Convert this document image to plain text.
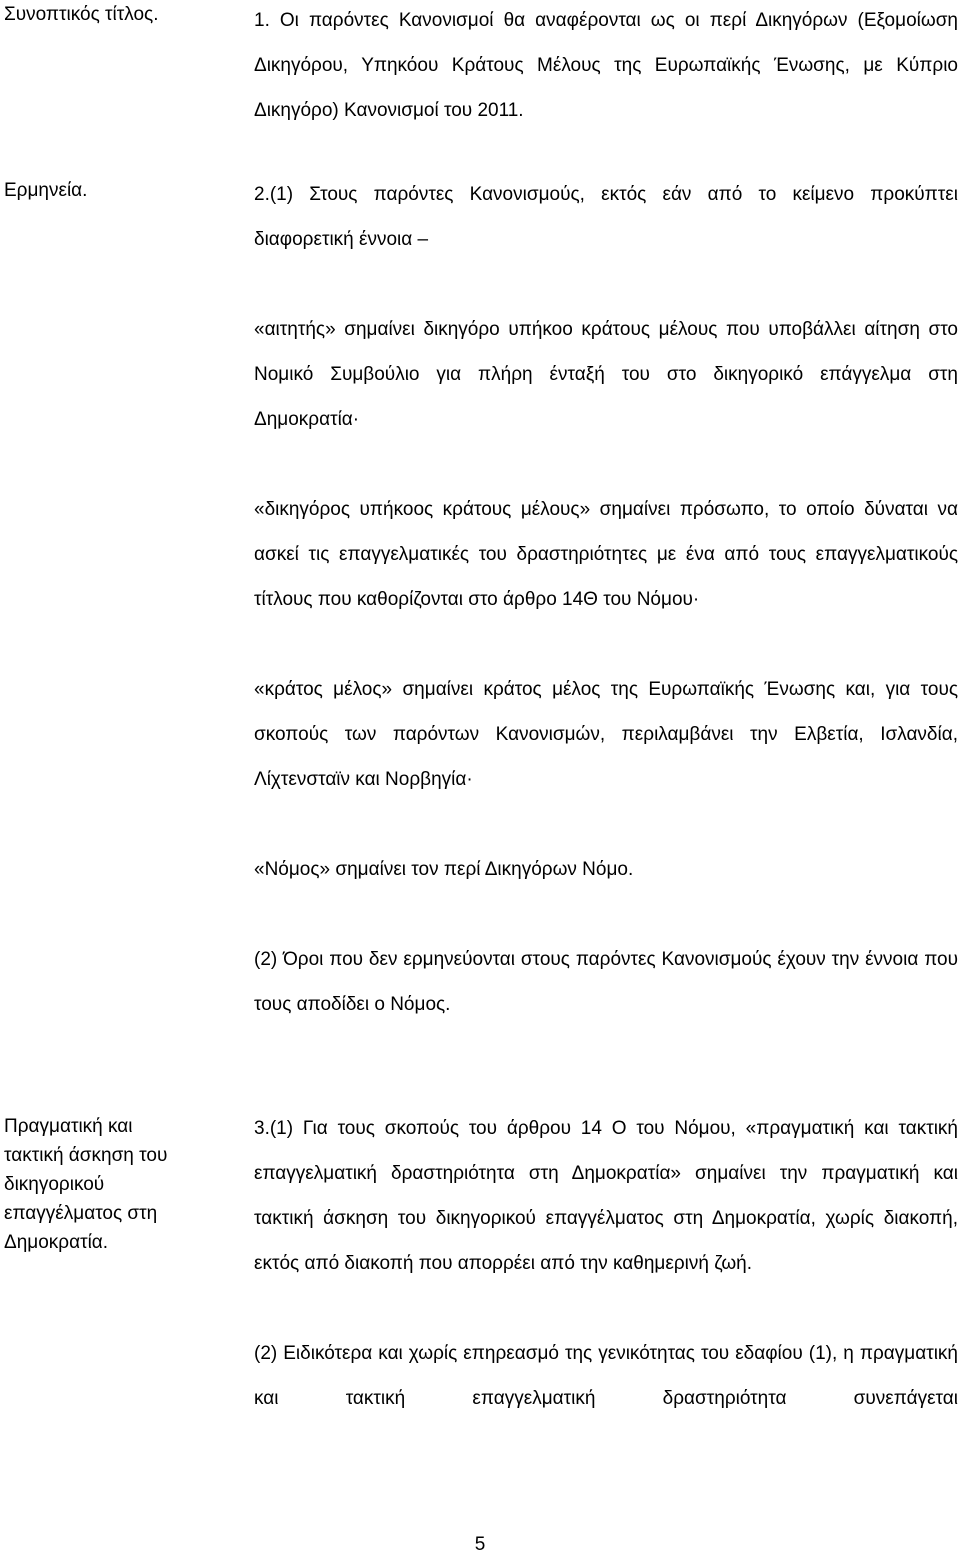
Συνοπτικός τίτλος.	1. Οι παρόντες Κανονισμοί θα αναφέρονται ως οι περί Δικηγόρων (Εξομοίωση Δικηγόρου, Υπηκόου Κράτους Μέλους της Ευρωπαϊκής Ένωσης, με Κύπριο Δικηγόρο) Κανονισμοί του 2011.

Ερμηνεία.	2.(1) Στους παρόντες Κανονισμούς, εκτός εάν από το κείμενο προκύπτει διαφορετική έννοια –

«αιτητής» σημαίνει δικηγόρο υπήκοο κράτους μέλους που υποβάλλει αίτηση στο Νομικό Συμβούλιο για πλήρη ένταξή του στο δικηγορικό επάγγελμα στη Δημοκρατία·

«δικηγόρος υπήκοος κράτους μέλους» σημαίνει πρόσωπο, το οποίο δύναται να ασκεί τις επαγγελματικές του δραστηριότητες με ένα από τους επαγγελματικούς τίτλους που καθορίζονται στο άρθρο 14Θ του Νόμου·

«κράτος μέλος» σημαίνει κράτος μέλος της Ευρωπαϊκής Ένωσης και, για τους σκοπούς των παρόντων Κανονισμών, περιλαμβάνει την Ελβετία, Ισλανδία, Λίχτενσταϊν και Νορβηγία·

«Νόμος» σημαίνει τον περί Δικηγόρων Νόμο.

(2) Όροι που δεν ερμηνεύονται στους παρόντες Κανονισμούς έχουν την έννοια που τους αποδίδει ο Νόμος.

Πραγματική και τακτική άσκηση του δικηγορικού επαγγέλματος στη Δημοκρατία.

3.(1) Για τους σκοπούς του άρθρου 14 Ο του Νόμου, «πραγματική και τακτική επαγγελματική δραστηριότητα στη Δημοκρατία» σημαίνει την πραγματική και τακτική άσκηση του δικηγορικού επαγγέλματος στη Δημοκρατία, χωρίς διακοπή, εκτός από διακοπή που απορρέει από την καθημερινή ζωή.

(2) Ειδικότερα και χωρίς επηρεασμό της γενικότητας του εδαφίου (1), η πραγματική και τακτική επαγγελματική δραστηριότητα συνεπάγεται

5
